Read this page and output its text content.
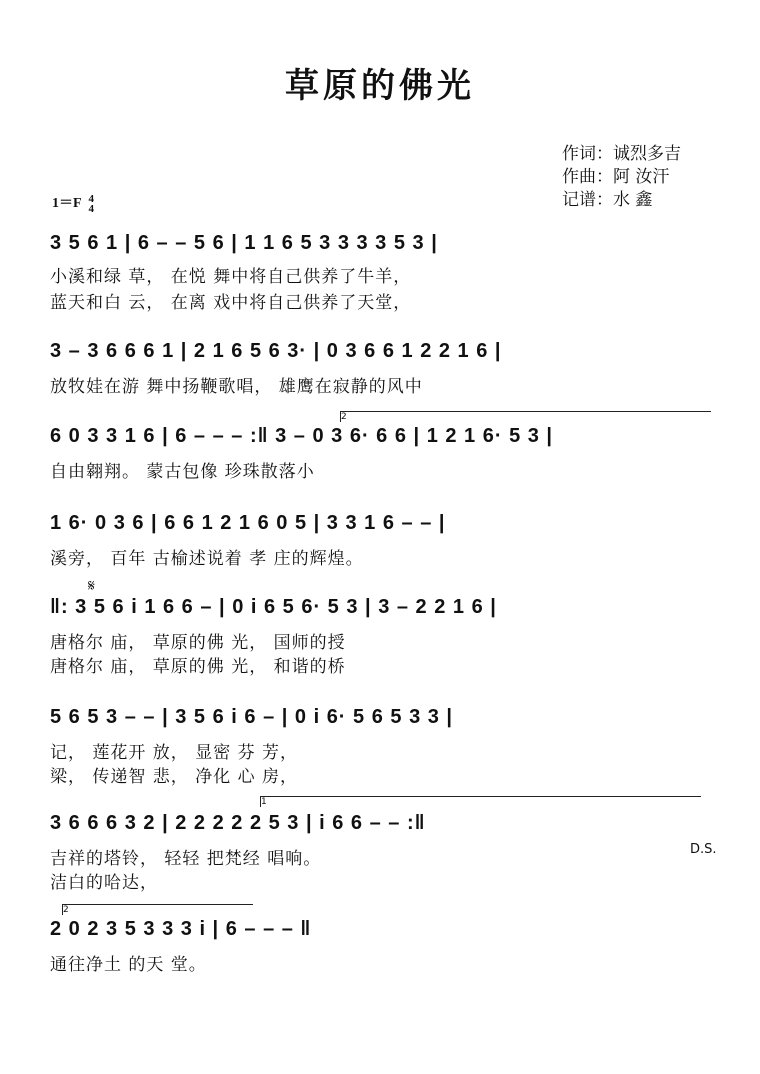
草原的佛光
作词：诚烈多吉
作曲：阿 汝汗
记谱：水 鑫
1＝F 4
4
3 5 6 1 | 6 – – 5 6 | 1 1 6 5 3 3 3 3 5 3 |
小溪和绿 草， 在悦 舞中将自己供养了牛羊，
蓝天和白 云， 在离 戏中将自己供养了天堂，
3 – 3 6 6 6 1 | 2 1 6 5 6 3· | 0 3 6 6 1 2 2 1 6 |
放牧娃在游 舞中扬鞭歌唱， 雄鹰在寂静的风中
2
6 0 3 3 1 6 | 6 – – – :‖ 3 – 0 3 6· 6 6 | 1 2 1 6· 5 3 |
自由翱翔。 蒙古包像 珍珠散落小
1 6· 0 3 6 | 6 6 1 2 1 6 0 5 | 3 3 1 6 – – |
溪旁， 百年 古榆述说着 孝 庄的辉煌。
𝄋
‖: 3 5 6 i 1 6 6 – | 0 i 6 5 6· 5 3 | 3 – 2 2 1 6 |
唐格尔 庙， 草原的佛 光， 国师的授
唐格尔 庙， 草原的佛 光， 和谐的桥
5 6 5 3 – – | 3 5 6 i 6 – | 0 i 6· 5 6 5 3 3 |
记， 莲花开 放， 显密 芬 芳，
梁， 传递智 悲， 净化 心 房，
1
3 6 6 6 3 2 | 2 2 2 2 2 5 3 | i 6 6 – – :‖
D.S.
吉祥的塔铃， 轻轻 把梵经 唱响。
洁白的哈达，
2
2 0 2 3 5 3 3 3 i | 6 – – – ‖
通往净土 的天 堂。
